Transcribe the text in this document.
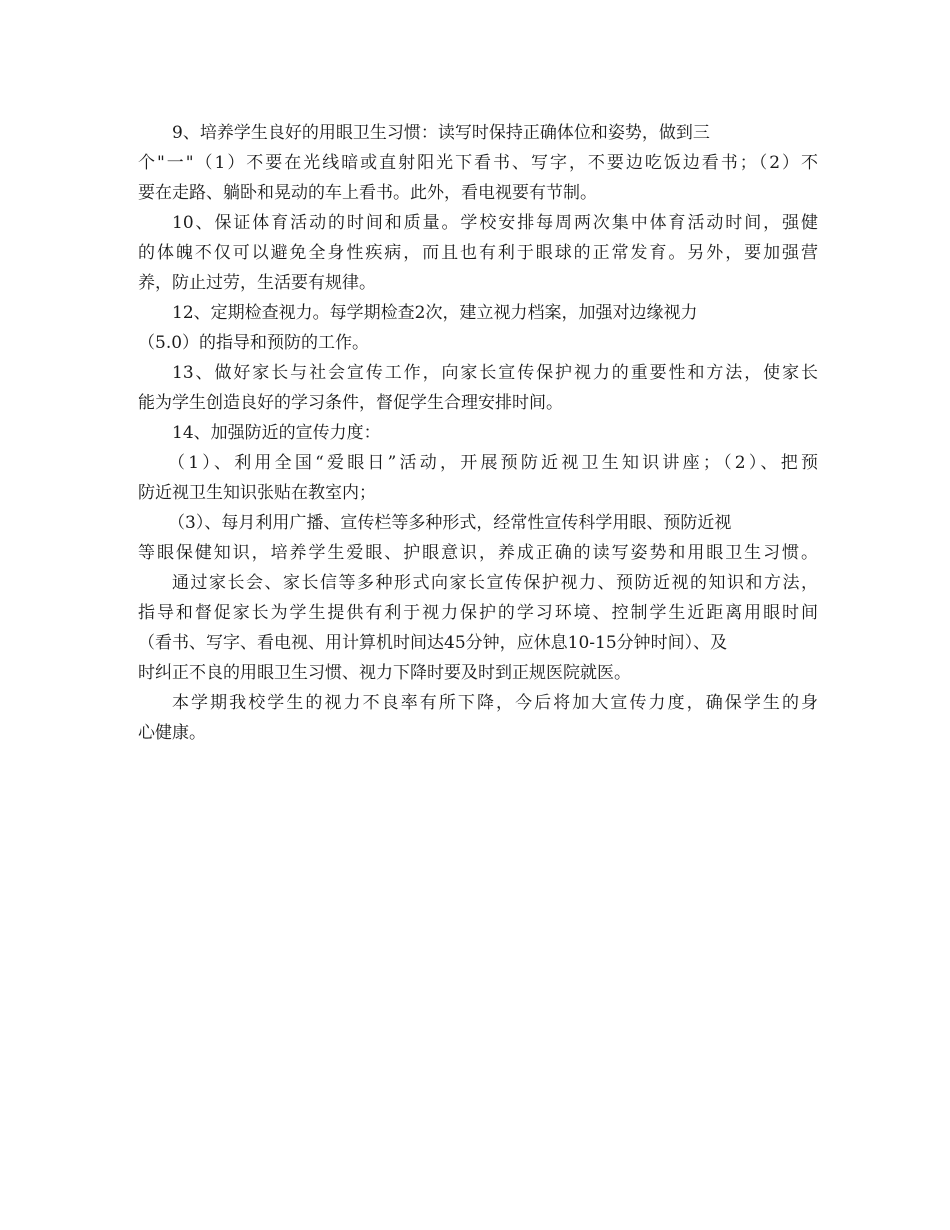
9、培养学生良好的用眼卫生习惯：读写时保持正确体位和姿势，做到三
个"一"（1）不要在光线暗或直射阳光下看书、写字，不要边吃饭边看书；（2）不
要在走路、躺卧和晃动的车上看书。此外，看电视要有节制。
10、保证体育活动的时间和质量。学校安排每周两次集中体育活动时间，强健
的体魄不仅可以避免全身性疾病，而且也有利于眼球的正常发育。另外，要加强营
养，防止过劳，生活要有规律。
12、定期检查视力。每学期检查2次，建立视力档案，加强对边缘视力
（5.0）的指导和预防的工作。
13、做好家长与社会宣传工作，向家长宣传保护视力的重要性和方法，使家长
能为学生创造良好的学习条件，督促学生合理安排时间。
14、加强防近的宣传力度：
（1）、利用全国“爱眼日”活动，开展预防近视卫生知识讲座；（2）、把预
防近视卫生知识张贴在教室内；
（3）、每月利用广播、宣传栏等多种形式，经常性宣传科学用眼、预防近视
等眼保健知识，培养学生爱眼、护眼意识，养成正确的读写姿势和用眼卫生习惯。
通过家长会、家长信等多种形式向家长宣传保护视力、预防近视的知识和方法，
指导和督促家长为学生提供有利于视力保护的学习环境、控制学生近距离用眼时间
（看书、写字、看电视、用计算机时间达45分钟，应休息10-15分钟时间）、及
时纠正不良的用眼卫生习惯、视力下降时要及时到正规医院就医。
本学期我校学生的视力不良率有所下降，今后将加大宣传力度，确保学生的身
心健康。
